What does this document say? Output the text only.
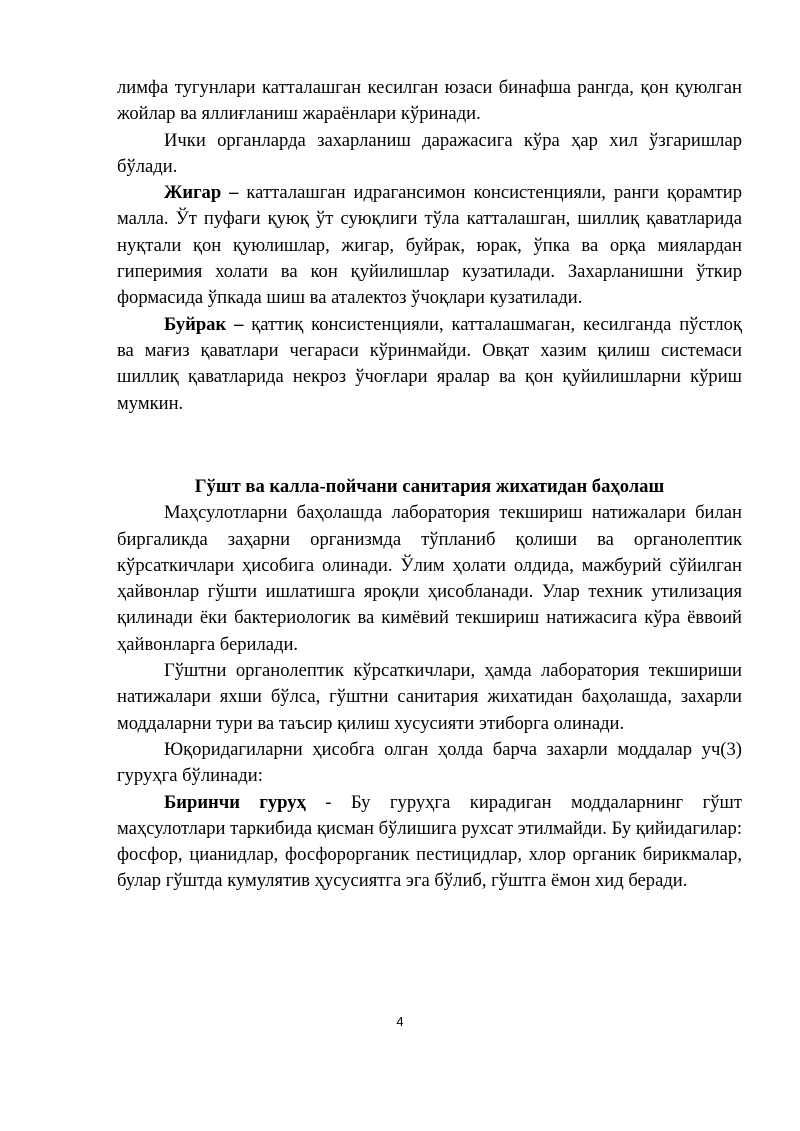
лимфа тугунлари катталашган кесилган юзаси бинафша рангда, қон қуюлган жойлар ва яллиғланиш жараёнлари кўринади.

Ички органларда захарланиш даражасига кўра ҳар хил ўзгаришлар бўлади.

Жигар – катталашган идрагансимон консистенцияли, ранги қорамтир малла. Ўт пуфаги қуюқ ўт суюқлиги тўла катталашган, шиллиқ қаватларида нуқтали қон қуюлишлар, жигар, буйрак, юрак, ўпка ва орқа миялардан гиперимия холати ва кон қуйилишлар кузатилади. Захарланишни ўткир формасида ўпкада шиш ва аталектоз ўчоқлари кузатилади.

Буйрак – қаттиқ консистенцияли, катталашмаган, кесилганда пўстлоқ ва мағиз қаватлари чегараси кўринмайди. Овқат хазим қилиш системаси шиллиқ қаватларида некроз ўчоғлари яралар ва қон қуйилишларни кўриш мумкин.

Гўшт ва калла-пойчани санитария жихатидан баҳолаш

Маҳсулотларни баҳолашда лаборатория текшириш натижалари билан биргаликда заҳарни организмда тўпланиб қолиши ва органолептик кўрсаткичлари ҳисобига олинади. Ўлим ҳолати олдида, мажбурий сўйилган ҳайвонлар гўшти ишлатишга яроқли ҳисобланади. Улар техник утилизация қилинади ёки бактериологик ва кимёвий текшириш натижасига кўра ёввоий ҳайвонларга берилади.

Гўштни органолептик кўрсаткичлари, ҳамда лаборатория текшириши натижалари яхши бўлса, гўштни санитария жихатидан баҳолашда, захарли моддаларни тури ва таъсир қилиш хусусияти этиборга олинади.

Юқоридагиларни ҳисобга олган ҳолда барча захарли моддалар уч(3) гуруҳга бўлинади:

Биринчи гуруҳ - Бу гуруҳга кирадиган моддаларнинг гўшт маҳсулотлари таркибида қисман бўлишига рухсат этилмайди. Бу қийидагилар: фосфор, цианидлар, фосфорорганик пестицидлар, хлор органик бирикмалар, булар гўштда кумулятив ҳусусиятга эга бўлиб, гўштга ёмон хид беради.

4
